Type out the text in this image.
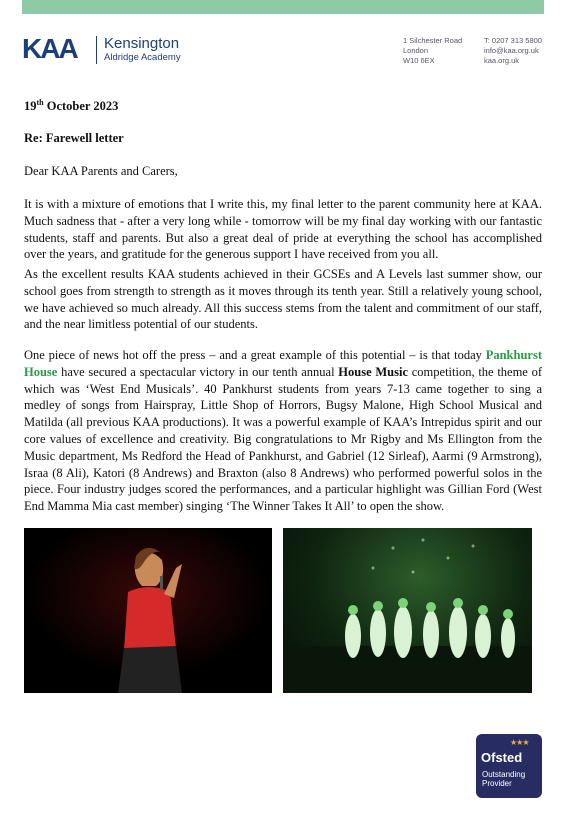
KAA	Kensington
Aldridge Academy
1 Silchester Road
London
W10 6EX
T: 0207 313 5800
info@kaa.org.uk
kaa.org.uk
19th October 2023
Re: Farewell letter
Dear KAA Parents and Carers,

It is with a mixture of emotions that I write this, my final letter to the parent community here at KAA. Much sadness that - after a very long while - tomorrow will be my final day working with our fantastic students, staff and parents. But also a great deal of pride at everything the school has accomplished over the years, and gratitude for the generous support I have received from you all.

As the excellent results KAA students achieved in their GCSEs and A Levels last summer show, our school goes from strength to strength as it moves through its tenth year. Still a relatively young school, we have achieved so much already. All this success stems from the talent and commitment of our staff, and the near limitless potential of our students.

One piece of news hot off the press – and a great example of this potential – is that today Pankhurst House have secured a spectacular victory in our tenth annual House Music competition, the theme of which was ‘West End Musicals’. 40 Pankhurst students from years 7-13 came together to sing a medley of songs from Hairspray, Little Shop of Horrors, Bugsy Malone, High School Musical and Matilda (all previous KAA productions). It was a powerful example of KAA’s Intrepidus spirit and our core values of excellence and creativity. Big congratulations to Mr Rigby and Ms Ellington from the Music department, Ms Redford the Head of Pankhurst, and Gabriel (12 Sirleaf), Aarmi (9 Armstrong), Israa (8 Ali), Katori (8 Andrews) and Braxton (also 8 Andrews) who performed powerful solos in the piece. Four industry judges scored the performances, and a particular highlight was Gillian Ford (West End Mamma Mia cast member) singing ‘The Winner Takes It All’ to open the show.

★★★
Ofsted
Outstanding
Provider
